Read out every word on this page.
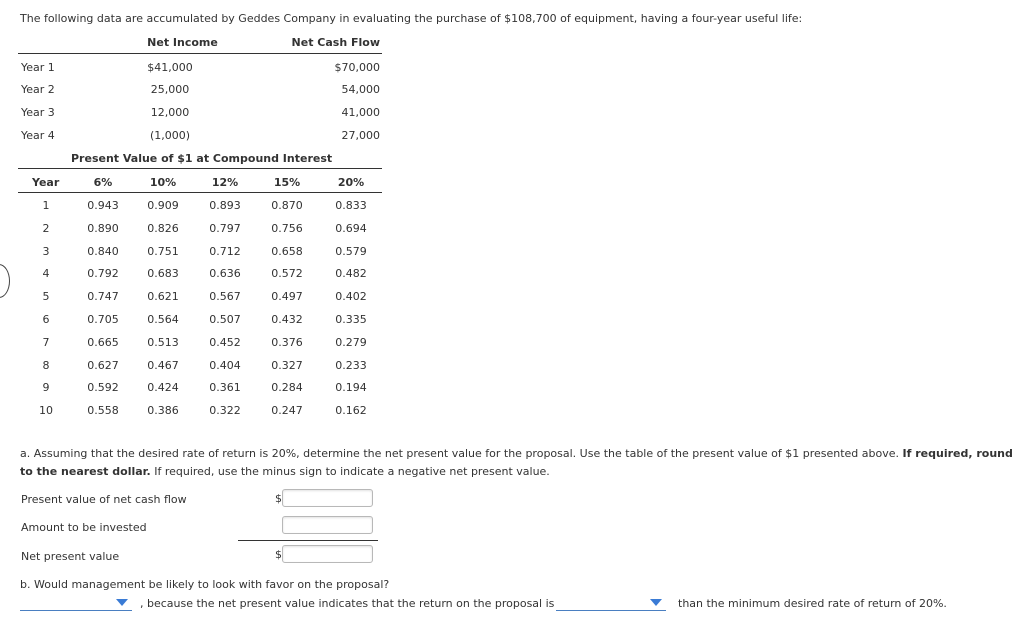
The following data are accumulated by Geddes Company in evaluating the purchase of $108,700 of equipment, having a four-year useful life:
Net Income	Net Cash Flow
Year 1	$41,000	$70,000
Year 2	25,000	54,000
Year 3	12,000	41,000
Year 4	(1,000)	27,000
Present Value of $1 at Compound Interest
Year	6%	10%	12%	15%	20%
1	0.943	0.909	0.893	0.870	0.833
2	0.890	0.826	0.797	0.756	0.694
3	0.840	0.751	0.712	0.658	0.579
4	0.792	0.683	0.636	0.572	0.482
5	0.747	0.621	0.567	0.497	0.402
6	0.705	0.564	0.507	0.432	0.335
7	0.665	0.513	0.452	0.376	0.279
8	0.627	0.467	0.404	0.327	0.233
9	0.592	0.424	0.361	0.284	0.194
10	0.558	0.386	0.322	0.247	0.162
a. Assuming that the desired rate of return is 20%, determine the net present value for the proposal. Use the table of the present value of $1 presented above. If required, round
to the nearest dollar. If required, use the minus sign to indicate a negative net present value.
Present value of net cash flow	$
Amount to be invested
Net present value	$
b. Would management be likely to look with favor on the proposal?
, because the net present value indicates that the return on the proposal is	than the minimum desired rate of return of 20%.
